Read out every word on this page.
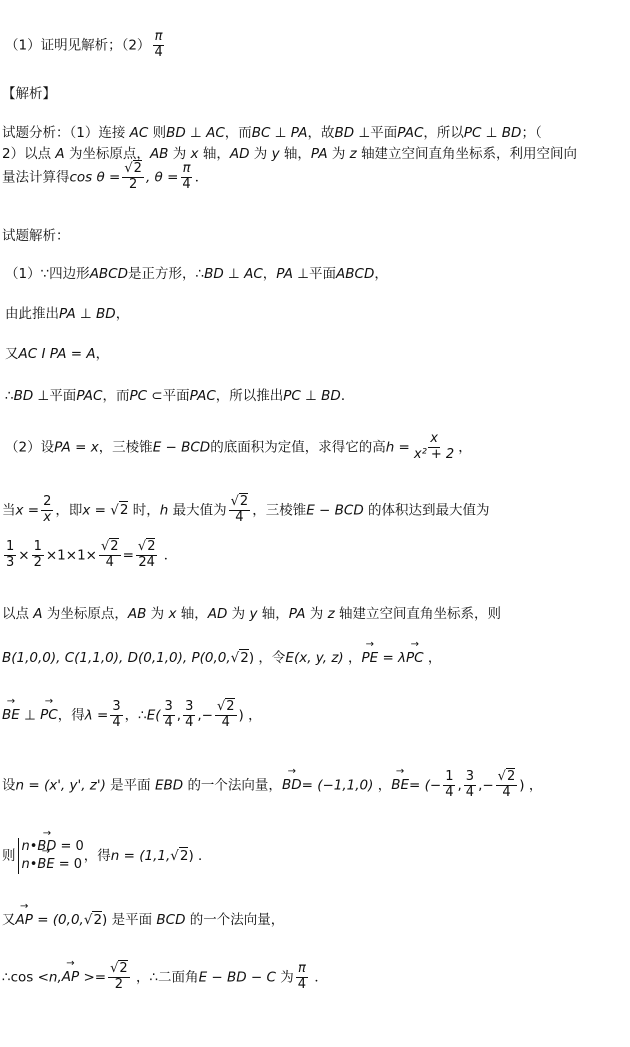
（1）证明见解析；$(2) \frac{\pi}{4}$
【解析】
试题分析：（1）连接 AC 则BD ⊥ AC，而BC ⊥ PA，故BD ⊥平面PAC，所以PC ⊥ BD；（
2）以点 A 为坐标原点，AB 为 x 轴，AD 为 y 轴，PA 为 z 轴建立空间直角坐标系，利用空间向
量法计算得$\cos \theta = \frac{√2}{2}$ , $\theta = \frac{\pi}{4}$ ．
试题解析：
（1）∵四边形ABCD是正方形，∴BD ⊥ AC，PA ⊥平面ABCD，
由此推出PA ⊥ BD，
又AC I PA = A，
∴BD ⊥平面PAC，而PC ⊂平面PAC，所以推出PC ⊥ BD．
（2）设PA = x，三棱锥E − BCD的底面积为定值，求得它的高$h = \frac{x}{\text{x² + 2}}$ ，
当$x = \frac{2}{x}$ ，即x = √2 时，h 最大值为 $\frac{√2}{4}$ ，三棱锥E − BCD 的体积达到最大值为
$\frac{1}{3} \times \frac{1}{2} \times 1\times 1\times \frac{√2}{4} = \frac{√2}{24}$ ．
以点 A 为坐标原点，AB 为 x 轴，AD 为 y 轴，PA 为 z 轴建立空间直角坐标系，则
B(1,0,0), C(1,1,0), D(0,1,0), P(0,0,√2) ，令E(x, y, z) ，→ PE = λ→ PC ，
→ BE ⊥ → PC，得$\lambda = \frac{3}{4}$ ，∴E( $\frac{3}{4}$ , $\frac{3}{4}$ ,− $\frac{√2}{4}$ ) ，
设n = (x', y', z') 是平面 EBD 的一个法向量，→ BD= (−1,1,0) ，→ BE= (− $\frac{1}{4}$ , $\frac{3}{4}$ ,− $\frac{√2}{4}$ ) ，
则
n•→ BD = 0
n•→ BE = 0
，得n = (1,1,√2) ．
又→ AP = (0,0,√2) 是平面 BCD 的一个法向量，
∴cos <n,→ AP >= $\frac{√2}{2}$ ，∴二面角E − BD − C 为 $\frac{\pi}{4}$ ．
